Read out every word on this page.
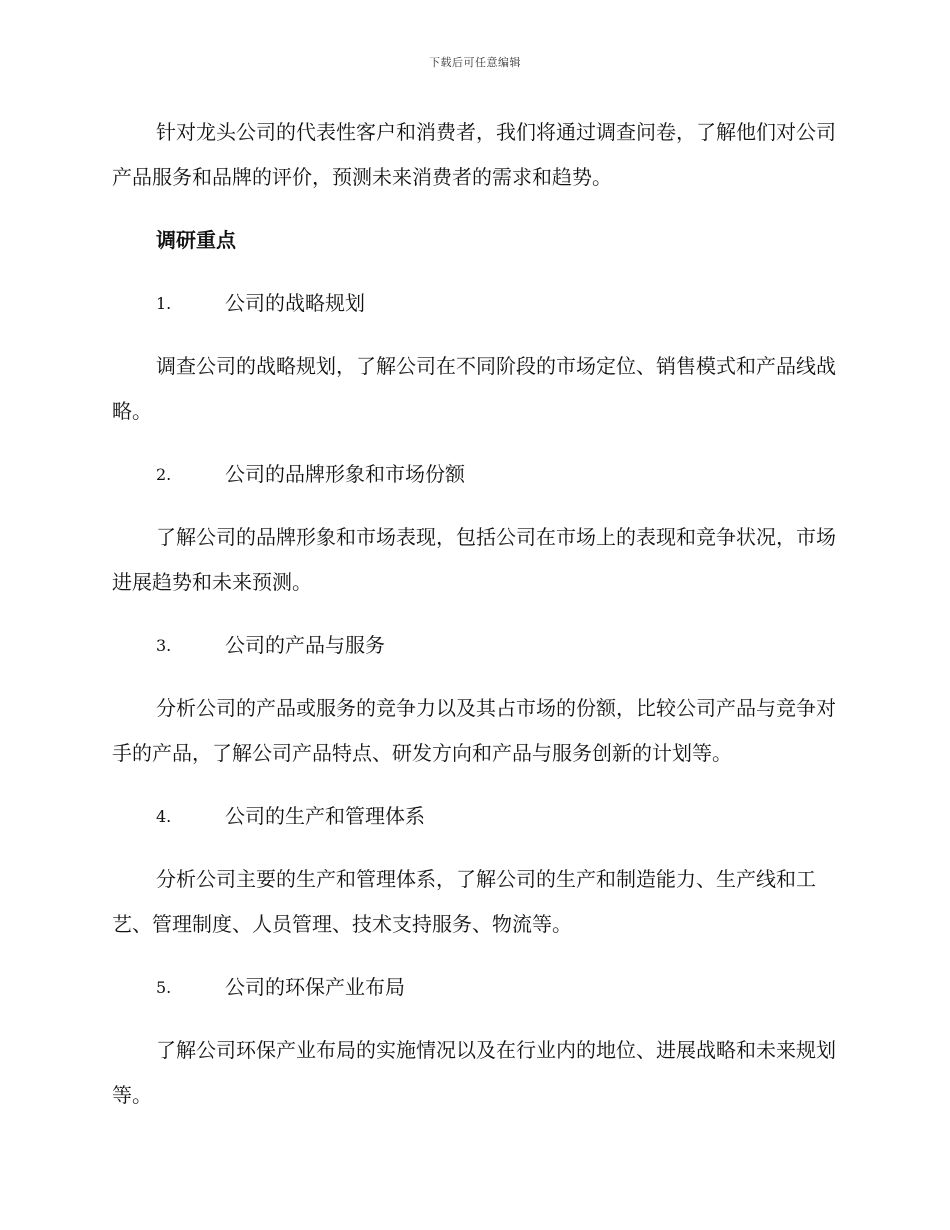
下载后可任意编辑

针对龙头公司的代表性客户和消费者，我们将通过调查问卷，了解他们对公司产品服务和品牌的评价，预测未来消费者的需求和趋势。

调研重点
1.	公司的战略规划

调查公司的战略规划，了解公司在不同阶段的市场定位、销售模式和产品线战略。

2.	公司的品牌形象和市场份额

了解公司的品牌形象和市场表现，包括公司在市场上的表现和竞争状况，市场进展趋势和未来预测。

3.	公司的产品与服务

分析公司的产品或服务的竞争力以及其占市场的份额，比较公司产品与竞争对手的产品，了解公司产品特点、研发方向和产品与服务创新的计划等。

4.	公司的生产和管理体系

分析公司主要的生产和管理体系，了解公司的生产和制造能力、生产线和工艺、管理制度、人员管理、技术支持服务、物流等。

5.	公司的环保产业布局

了解公司环保产业布局的实施情况以及在行业内的地位、进展战略和未来规划等。
